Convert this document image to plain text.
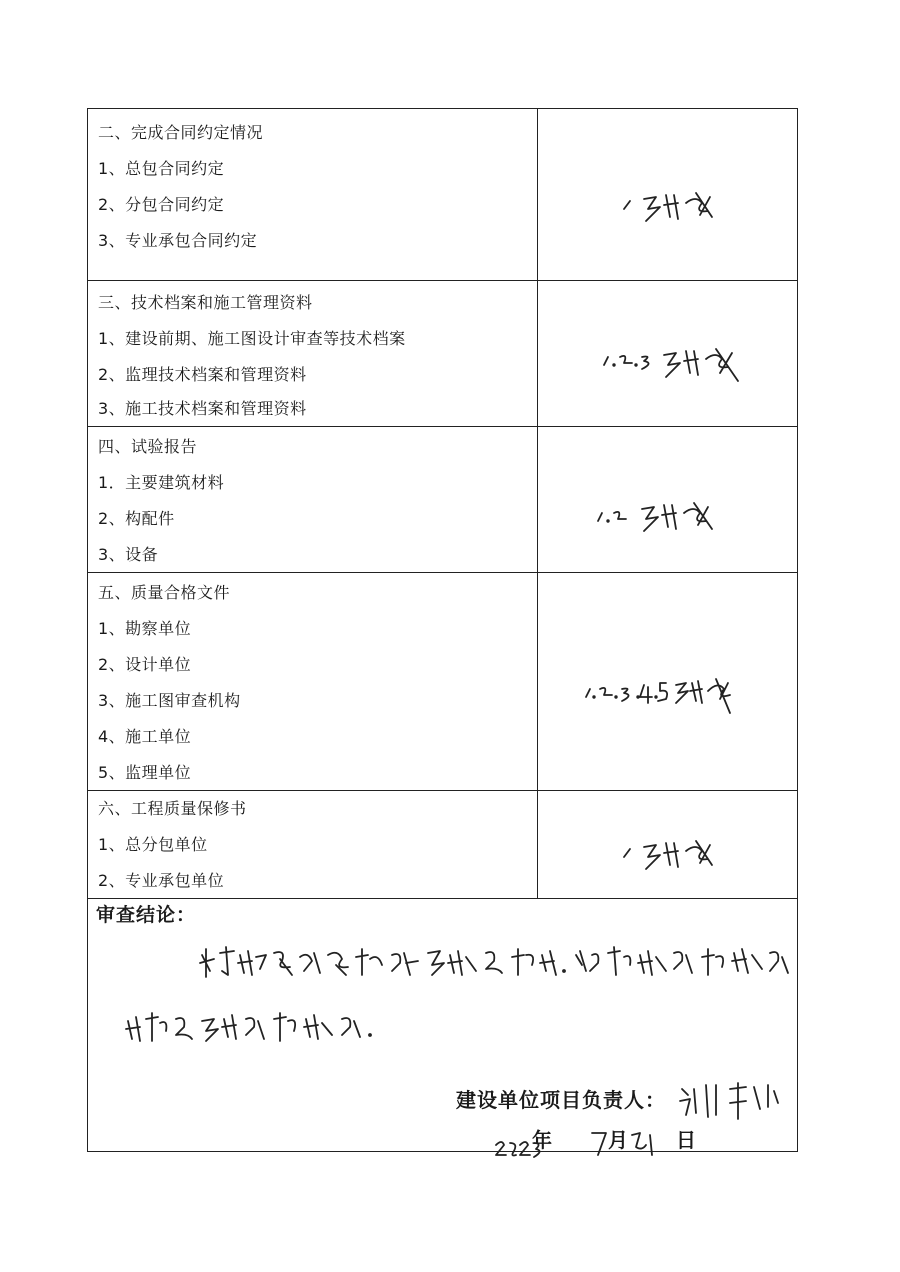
二、完成合同约定情况
1、总包合同约定
2、分包合同约定
3、专业承包合同约定
三、技术档案和施工管理资料
1、建设前期、施工图设计审查等技术档案
2、监理技术档案和管理资料
3、施工技术档案和管理资料
四、试验报告
1．主要建筑材料
2、构配件
3、设备
五、质量合格文件
1、勘察单位
2、设计单位
3、施工图审查机构
4、施工单位
5、监理单位
六、工程质量保修书
1、总分包单位
2、专业承包单位
审查结论：
建设单位项目负责人：
年	月 日
